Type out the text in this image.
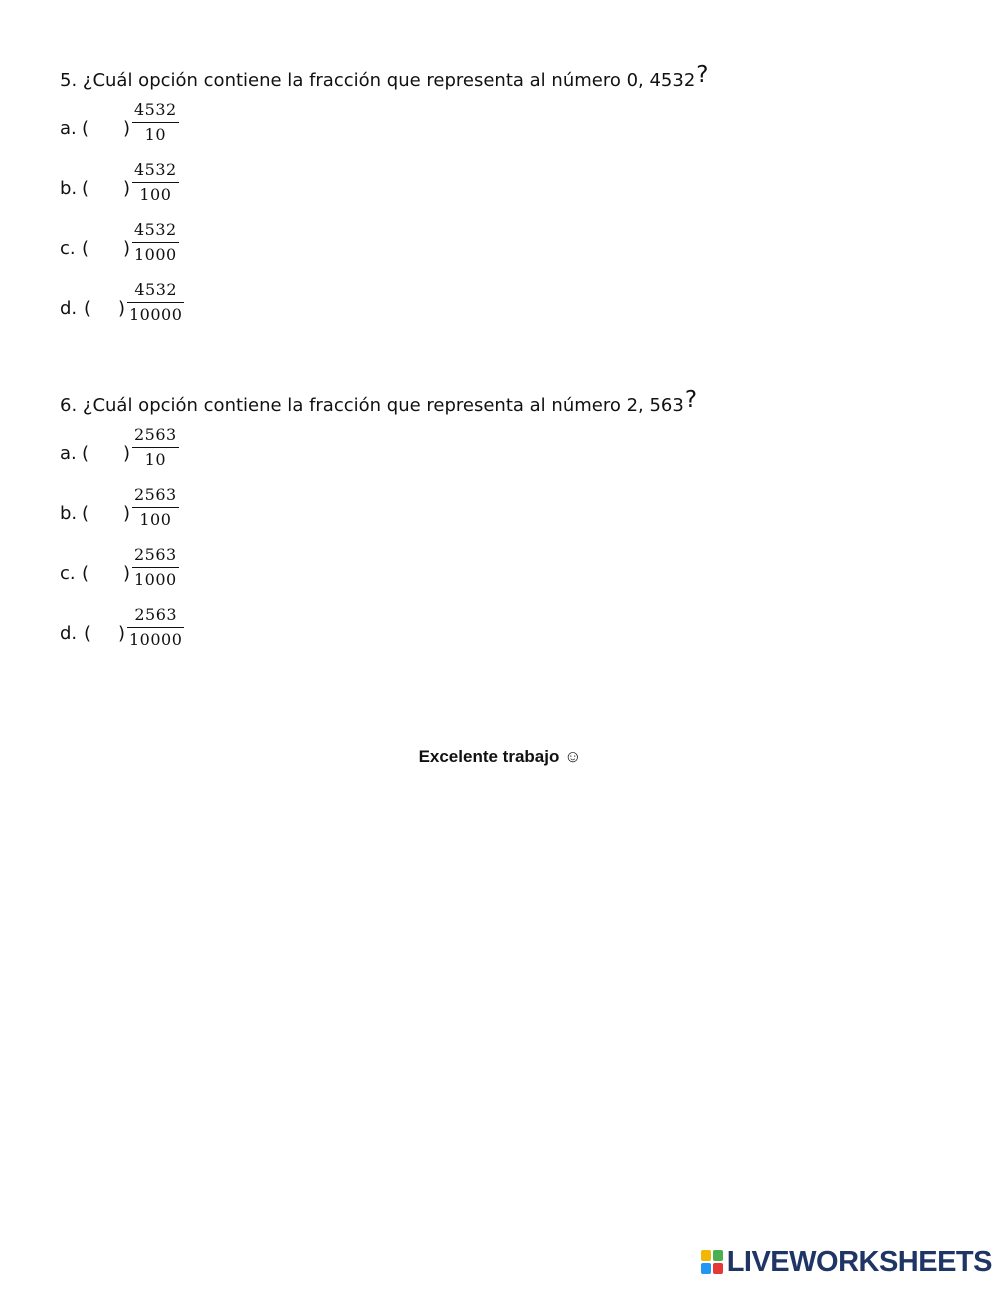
5. ¿Cuál opción contiene la fracción que representa al número 0, 4532?
a. ( )
4532
10
b. ( )
4532
100
c. ( )
4532
1000
d. ( )
4532
10000
6. ¿Cuál opción contiene la fracción que representa al número 2, 563?
a. ( )
2563
10
b. ( )
2563
100
c. ( )
2563
1000
d. ( )
2563
10000
Excelente trabajo ☺
LIVEWORKSHEETS
